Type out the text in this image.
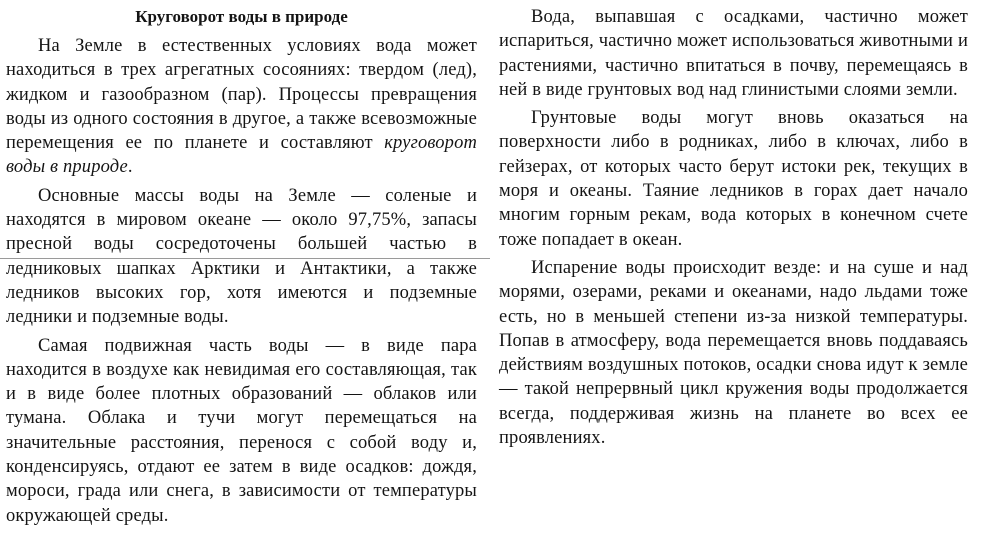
Круговорот воды в природе

На Земле в естественных условиях вода может находиться в трех агрегатных сосояниях: твердом (лед), жидком и газообразном (пар). Процессы превращения воды из одного состояния в другое, а также всевозможные перемещения ее по планете и составляют круговорот воды в природе.

Основные массы воды на Земле — соленые и находятся в мировом океане — около 97,75%, запасы пресной воды сосредоточены большей частью в ледниковых шапках Арктики и Антактики, а также ледников высоких гор, хотя имеются и подземные ледники и подземные воды.

Самая подвижная часть воды — в виде пара находится в воздухе как невидимая его составляющая, так и в виде более плотных образований — облаков или тумана. Облака и тучи могут перемещаться на значительные расстояния, перенося с собой воду и, конденсируясь, отдают ее затем в виде осадков: дождя, мороси, града или снега, в зависимости от температуры окружающей среды.

Вода, выпавшая с осадками, частично может испариться, частично может использоваться животными и растениями, частично впитаться в почву, перемещаясь в ней в виде грунтовых вод над глинистыми слоями земли.

Грунтовые воды могут вновь оказаться на поверхности либо в родниках, либо в ключах, либо в гейзерах, от которых часто берут истоки рек, текущих в моря и океаны. Таяние ледников в горах дает начало многим горным рекам, вода которых в конечном счете тоже попадает в океан.

Испарение воды происходит везде: и на суше и над морями, озерами, реками и океанами, надо льдами тоже есть, но в меньшей степени из-за низкой температуры. Попав в атмосферу, вода перемещается вновь поддаваясь действиям воздушных потоков, осадки снова идут к земле — такой непрервный цикл кружения воды продолжается всегда, поддерживая жизнь на планете во всех ее проявлениях.
